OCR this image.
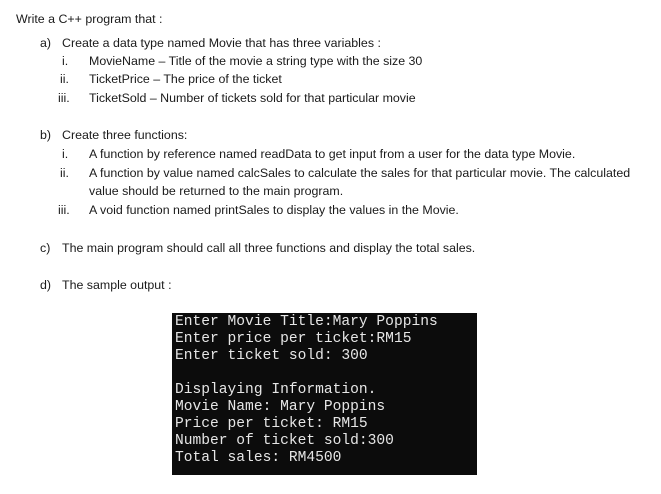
Write a C++ program that :
a) Create a data type named Movie that has three variables :
i. MovieName – Title of the movie a string type with the size 30
ii. TicketPrice – The price of the ticket
iii. TicketSold – Number of tickets sold for that particular movie
b) Create three functions:
i. A function by reference named readData to get input from a user for the data type Movie.
ii. A function by value named calcSales to calculate the sales for that particular movie. The calculated
value should be returned to the main program.
iii. A void function named printSales to display the values in the Movie.
c) The main program should call all three functions and display the total sales.
d) The sample output :
Enter Movie Title:Mary Poppins
Enter price per ticket:RM15
Enter ticket sold: 300
Displaying Information.
Movie Name: Mary Poppins
Price per ticket: RM15
Number of ticket sold:300
Total sales: RM4500
